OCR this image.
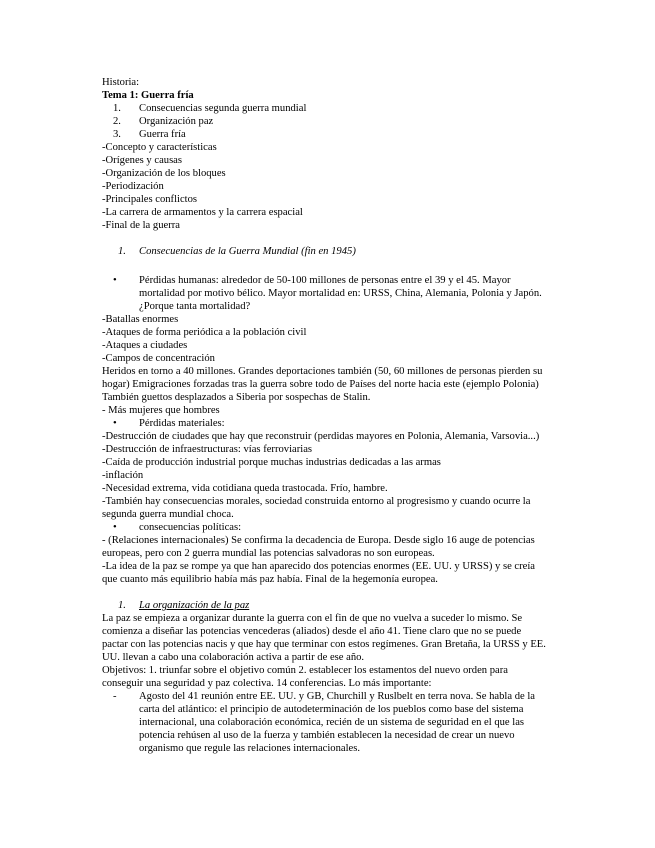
Historia:

Tema 1: Guerra fría

1. Consecuencias segunda guerra mundial
2. Organización paz
3. Guerra fría

-Concepto y características

-Orígenes y causas

-Organización de los bloques

-Periodización

-Principales conflictos

-La carrera de armamentos y la carrera espacial

-Final de la guerra

1. Consecuencias de la Guerra Mundial (fin en 1945)
• Pérdidas humanas: alrededor de 50-100 millones de personas entre el 39 y el 45. Mayor mortalidad por motivo bélico. Mayor mortalidad en: URSS, China, Alemania, Polonia y Japón. ¿Porque tanta mortalidad?

-Batallas enormes

-Ataques de forma periódica a la población civil

-Ataques a ciudades

-Campos de concentración

Heridos en torno a 40 millones. Grandes deportaciones también (50, 60 millones de personas pierden su hogar) Emigraciones forzadas tras la guerra sobre todo de Países del norte hacia este (ejemplo Polonia) También guettos desplazados a Siberia por sospechas de Stalin.

- Más mujeres que hombres

• Pérdidas materiales:

-Destrucción de ciudades que hay que reconstruir (perdidas mayores en Polonia, Alemania, Varsovia...)

-Destrucción de infraestructuras: vías ferroviarias

-Caída de producción industrial porque muchas industrias dedicadas a las armas

-inflación

-Necesidad extrema, vida cotidiana queda trastocada. Frío, hambre.

-También hay consecuencias morales, sociedad construida entorno al progresismo y cuando ocurre la segunda guerra mundial choca.

• consecuencias políticas:

- (Relaciones internacionales) Se confirma la decadencia de Europa. Desde siglo 16 auge de potencias europeas, pero con 2 guerra mundial las potencias salvadoras no son europeas.

-La idea de la paz se rompe ya que han aparecido dos potencias enormes (EE. UU. y URSS) y se creía que cuanto más equilibrio había más paz había. Final de la hegemonía europea.

1. La organización de la paz

La paz se empieza a organizar durante la guerra con el fin de que no vuelva a suceder lo mismo. Se comienza a diseñar las potencias vencederas (aliados) desde el año 41. Tiene claro que no se puede pactar con las potencias nacis y que hay que terminar con estos regímenes. Gran Bretaña, la URSS y EE. UU. llevan a cabo una colaboración activa a partir de ese año.

Objetivos: 1. triunfar sobre el objetivo común 2. establecer los estamentos del nuevo orden para conseguir una seguridad y paz colectiva. 14 conferencias. Lo más importante:

- Agosto del 41 reunión entre EE. UU. y GB, Churchill y Ruslbelt en terra nova. Se habla de la carta del atlántico: el principio de autodeterminación de los pueblos como base del sistema internacional, una colaboración económica, recién de un sistema de seguridad en el que las potencia rehúsen al uso de la fuerza y también establecen la necesidad de crear un nuevo organismo que regule las relaciones internacionales.
